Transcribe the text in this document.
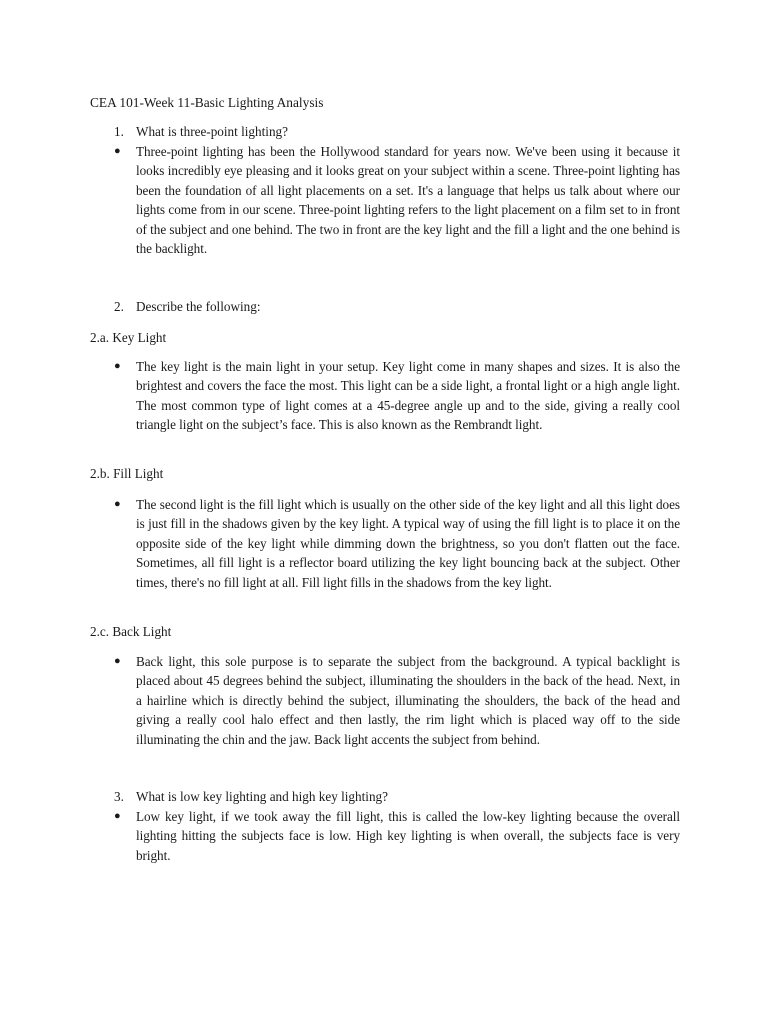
CEA 101-Week 11-Basic Lighting Analysis
1. What is three-point lighting?
●	Three-point lighting has been the Hollywood standard for years now. We've been using it because it looks incredibly eye pleasing and it looks great on your subject within a scene. Three-point lighting has been the foundation of all light placements on a set. It's a language that helps us talk about where our lights come from in our scene. Three-point lighting refers to the light placement on a film set to in front of the subject and one behind. The two in front are the key light and the fill a light and the one behind is the backlight.
2. Describe the following:
2.a. Key Light
●	The key light is the main light in your setup. Key light come in many shapes and sizes. It is also the brightest and covers the face the most. This light can be a side light, a frontal light or a high angle light. The most common type of light comes at a 45-degree angle up and to the side, giving a really cool triangle light on the subject’s face. This is also known as the Rembrandt light.
2.b. Fill Light
●	The second light is the fill light which is usually on the other side of the key light and all this light does is just fill in the shadows given by the key light. A typical way of using the fill light is to place it on the opposite side of the key light while dimming down the brightness, so you don't flatten out the face. Sometimes, all fill light is a reflector board utilizing the key light bouncing back at the subject. Other times, there's no fill light at all. Fill light fills in the shadows from the key light.
2.c. Back Light
●	Back light, this sole purpose is to separate the subject from the background. A typical backlight is placed about 45 degrees behind the subject, illuminating the shoulders in the back of the head. Next, in a hairline which is directly behind the subject, illuminating the shoulders, the back of the head and giving a really cool halo effect and then lastly, the rim light which is placed way off to the side illuminating the chin and the jaw. Back light accents the subject from behind.
3. What is low key lighting and high key lighting?
●	Low key light, if we took away the fill light, this is called the low-key lighting because the overall lighting hitting the subjects face is low. High key lighting is when overall, the subjects face is very bright.
